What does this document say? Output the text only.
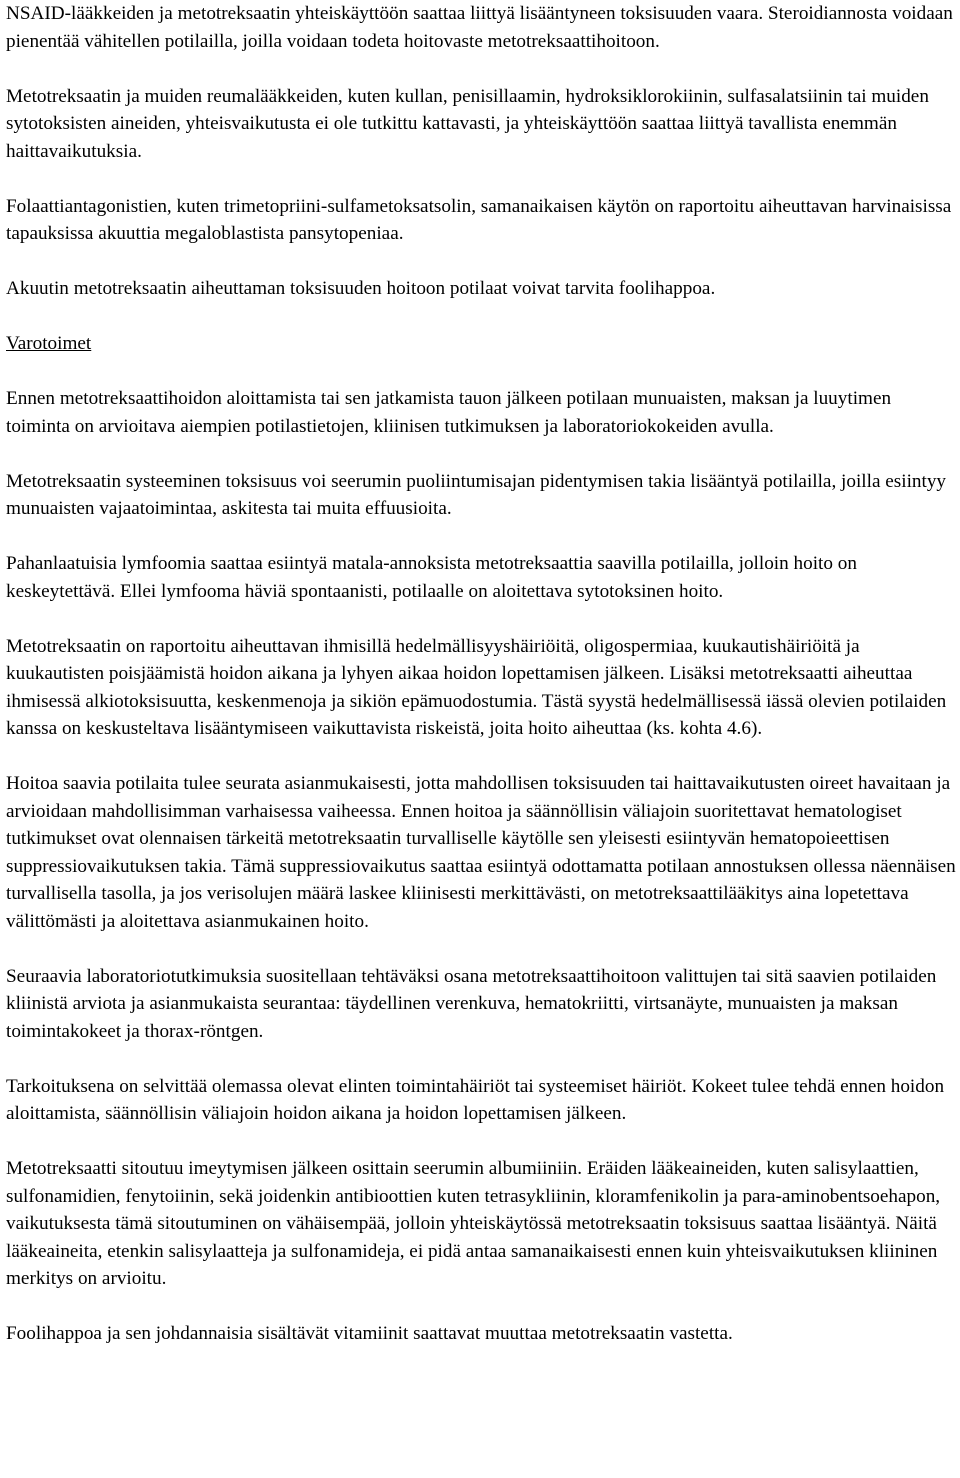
NSAID-lääkkeiden ja metotreksaatin yhteiskäyttöön saattaa liittyä lisääntyneen toksisuuden vaara. Steroidiannosta voidaan pienentää vähitellen potilailla, joilla voidaan todeta hoitovaste metotreksaattihoitoon.

Metotreksaatin ja muiden reumalääkkeiden, kuten kullan, penisillaamin, hydroksiklorokiinin, sulfasalatsiinin tai muiden sytotoksisten aineiden, yhteisvaikutusta ei ole tutkittu kattavasti, ja yhteiskäyttöön saattaa liittyä tavallista enemmän haittavaikutuksia.

Folaattiantagonistien, kuten trimetopriini-sulfametoksatsolin, samanaikaisen käytön on raportoitu aiheuttavan harvinaisissa tapauksissa akuuttia megaloblastista pansytopeniaa.

Akuutin metotreksaatin aiheuttaman toksisuuden hoitoon potilaat voivat tarvita foolihappoa.

Varotoimet

Ennen metotreksaattihoidon aloittamista tai sen jatkamista tauon jälkeen potilaan munuaisten, maksan ja luuytimen toiminta on arvioitava aiempien potilastietojen, kliinisen tutkimuksen ja laboratoriokokeiden avulla.

Metotreksaatin systeeminen toksisuus voi seerumin puoliintumisajan pidentymisen takia lisääntyä potilailla, joilla esiintyy munuaisten vajaatoimintaa, askitesta tai muita effuusioita.

Pahanlaatuisia lymfoomia saattaa esiintyä matala-annoksista metotreksaattia saavilla potilailla, jolloin hoito on keskeytettävä. Ellei lymfooma häviä spontaanisti, potilaalle on aloitettava sytotoksinen hoito.

Metotreksaatin on raportoitu aiheuttavan ihmisillä hedelmällisyyshäiriöitä, oligospermiaa, kuukautishäiriöitä ja kuukautisten poisjäämistä hoidon aikana ja lyhyen aikaa hoidon lopettamisen jälkeen. Lisäksi metotreksaatti aiheuttaa ihmisessä alkiotoksisuutta, keskenmenoja ja sikiön epämuodostumia. Tästä syystä hedelmällisessä iässä olevien potilaiden kanssa on keskusteltava lisääntymiseen vaikuttavista riskeistä, joita hoito aiheuttaa (ks. kohta 4.6).

Hoitoa saavia potilaita tulee seurata asianmukaisesti, jotta mahdollisen toksisuuden tai haittavaikutusten oireet havaitaan ja arvioidaan mahdollisimman varhaisessa vaiheessa. Ennen hoitoa ja säännöllisin väliajoin suoritettavat hematologiset tutkimukset ovat olennaisen tärkeitä metotreksaatin turvalliselle käytölle sen yleisesti esiintyvän hematopoieettisen suppressiovaikutuksen takia. Tämä suppressiovaikutus saattaa esiintyä odottamatta potilaan annostuksen ollessa näennäisen turvallisella tasolla, ja jos verisolujen määrä laskee kliinisesti merkittävästi, on metotreksaattilääkitys aina lopetettava välittömästi ja aloitettava asianmukainen hoito.

Seuraavia laboratoriotutkimuksia suositellaan tehtäväksi osana metotreksaattihoitoon valittujen tai sitä saavien potilaiden kliinistä arviota ja asianmukaista seurantaa: täydellinen verenkuva, hematokriitti, virtsanäyte, munuaisten ja maksan toimintakokeet ja thorax-röntgen.

Tarkoituksena on selvittää olemassa olevat elinten toimintahäiriöt tai systeemiset häiriöt. Kokeet tulee tehdä ennen hoidon aloittamista, säännöllisin väliajoin hoidon aikana ja hoidon lopettamisen jälkeen.

Metotreksaatti sitoutuu imeytymisen jälkeen osittain seerumin albumiiniin. Eräiden lääkeaineiden, kuten salisylaattien, sulfonamidien, fenytoiinin, sekä joidenkin antibioottien kuten tetrasykliinin, kloramfenikolin ja para-aminobentsoehapon, vaikutuksesta tämä sitoutuminen on vähäisempää, jolloin yhteiskäytössä metotreksaatin toksisuus saattaa lisääntyä. Näitä lääkeaineita, etenkin salisylaatteja ja sulfonamideja, ei pidä antaa samanaikaisesti ennen kuin yhteisvaikutuksen kliininen merkitys on arvioitu.

Foolihappoa ja sen johdannaisia sisältävät vitamiinit saattavat muuttaa metotreksaatin vastetta.
